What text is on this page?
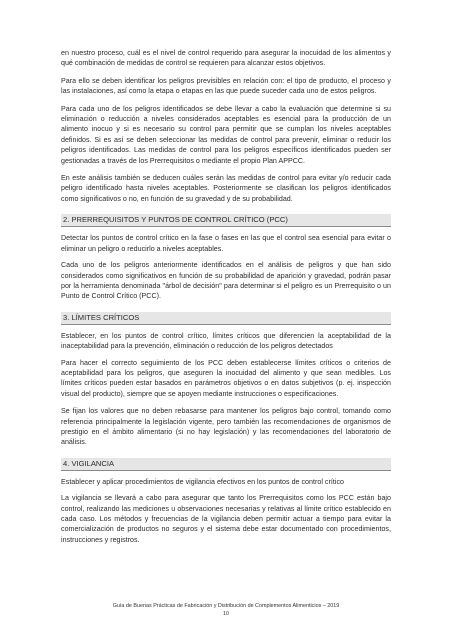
en nuestro proceso, cuál es el nivel de control requerido para asegurar la inocuidad de los alimentos y qué combinación de medidas de control se requieren para alcanzar estos objetivos.

Para ello se deben identificar los peligros previsibles en relación con: el tipo de producto, el proceso y las instalaciones, así como la etapa o etapas en las que puede suceder cada uno de estos peligros.

Para cada uno de los peligros identificados se debe llevar a cabo la evaluación que determine si su eliminación o reducción a niveles considerados aceptables es esencial para la producción de un alimento inocuo y si es necesario su control para permitir que se cumplan los niveles aceptables definidos. Si es así se deben seleccionar las medidas de control para prevenir, eliminar o reducir los peligros identificados. Las medidas de control para los peligros específicos identificados pueden ser gestionadas a través de los Prerrequisitos o mediante el propio Plan APPCC.

En este análisis también se deducen cuáles serán las medidas de control para evitar y/o reducir cada peligro identificado hasta niveles aceptables. Posteriormente se clasifican los peligros identificados como significativos o no, en función de su gravedad y de su probabilidad.

2. PRERREQUISITOS Y PUNTOS DE CONTROL CRÍTICO (PCC)

Detectar los puntos de control crítico en la fase o fases en las que el control sea esencial para evitar o eliminar un peligro o reducirlo a niveles aceptables.

Cada uno de los peligros anteriormente identificados en el análisis de peligros y que han sido considerados como significativos en función de su probabilidad de aparición y gravedad, podrán pasar por la herramienta denominada "árbol de decisión" para determinar si el peligro es un Prerrequisito o un Punto de Control Crítico (PCC).

3. LÍMITES CRÍTICOS

Establecer, en los puntos de control crítico, límites críticos que diferencien la aceptabilidad de la inaceptabilidad para la prevención, eliminación o reducción de los peligros detectados

Para hacer el correcto seguimiento de los PCC deben establecerse límites críticos o criterios de aceptabilidad para los peligros, que aseguren la inocuidad del alimento y que sean medibles. Los límites críticos pueden estar basados en parámetros objetivos o en datos subjetivos (p. ej. inspección visual del producto), siempre que se apoyen mediante instrucciones o especificaciones.

Se fijan los valores que no deben rebasarse para mantener los peligros bajo control, tomando como referencia principalmente la legislación vigente, pero también las recomendaciones de organismos de prestigio en el ámbito alimentario (si no hay legislación) y las recomendaciones del laboratorio de análisis.

4. VIGILANCIA

Establecer y aplicar procedimientos de vigilancia efectivos en los puntos de control crítico

La vigilancia se llevará a cabo para asegurar que tanto los Prerrequisitos como los PCC están bajo control, realizando las mediciones u observaciones necesarias y relativas al límite crítico establecido en cada caso. Los métodos y frecuencias de la vigilancia deben permitir actuar a tiempo para evitar la comercialización de productos no seguros y el sistema debe estar documentado con procedimientos, instrucciones y registros.

Guía de Buenas Prácticas de Fabricación y Distribución de Complementos Alimenticios – 2019
10
